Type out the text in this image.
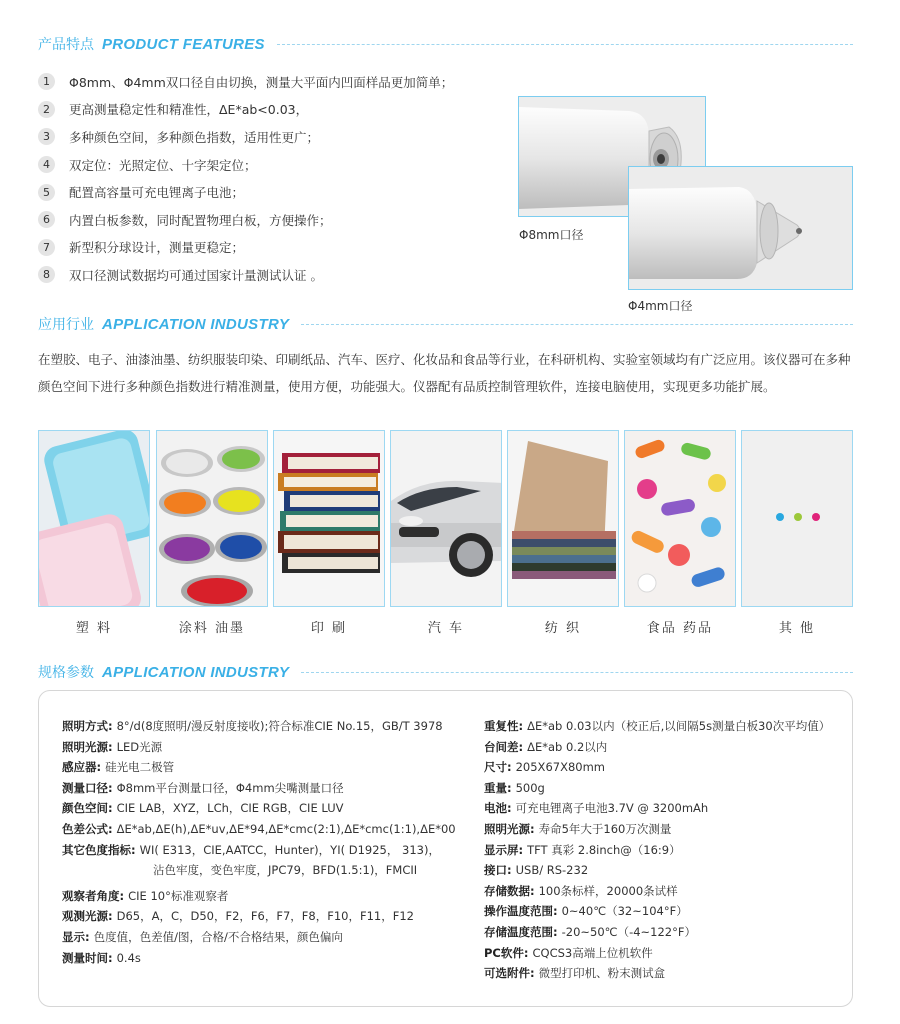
产品特点 PRODUCT FEATURES
1	Φ8mm、Φ4mm双口径自由切换，测量大平面内凹面样品更加简单；
2	更高测量稳定性和精准性，ΔE*ab<0.03，
3	多种颜色空间，多种颜色指数，适用性更广；
4	双定位：光照定位、十字架定位；
5	配置高容量可充电锂离子电池；
6	内置白板参数，同时配置物理白板，方便操作；
7	新型积分球设计，测量更稳定；
8	双口径测试数据均可通过国家计量测试认证 。
Φ8mm口径
Φ4mm口径
应用行业 APPLICATION INDUSTRY
在塑胶、电子、油漆油墨、纺织服装印染、印刷纸品、汽车、医疗、化妆品和食品等行业，在科研机构、实验室领域均有广泛应用。该仪器可在多种颜色空间下进行多种颜色指数进行精准测量，使用方便，功能强大。仪器配有品质控制管理软件，连接电脑使用，实现更多功能扩展。
塑 料	涂料 油墨	印 刷	汽 车	纺 织	食品 药品	其 他
规格参数 APPLICATION INDUSTRY
照明方式: 8°/d(8度照明/漫反射度接收);符合标准CIE No.15，GB/T 3978
照明光源: LED光源
感应器: 硅光电二极管
测量口径: Φ8mm平台测量口径，Φ4mm尖嘴测量口径
颜色空间: CIE LAB，XYZ，LCh，CIE RGB，CIE LUV
色差公式: ΔE*ab,ΔE(h),ΔE*uv,ΔE*94,ΔE*cmc(2:1),ΔE*cmc(1:1),ΔE*00
其它色度指标: WI( E313，CIE,AATCC，Hunter)，YI( D1925， 313)，
沾色牢度，变色牢度，JPC79，BFD(1.5:1)，FMCII
观察者角度: CIE 10°标准观察者
观测光源: D65，A，C，D50，F2，F6，F7，F8，F10，F11，F12
显示: 色度值，色差值/图，合格/不合格结果，颜色偏向
测量时间: 0.4s
重复性: ΔE*ab 0.03以内（校正后,以间隔5s测量白板30次平均值）
台间差: ΔE*ab 0.2以内
尺寸: 205X67X80mm
重量: 500g
电池: 可充电锂离子电池3.7V @ 3200mAh
照明光源: 寿命5年大于160万次测量
显示屏: TFT 真彩 2.8inch@（16:9）
接口: USB/ RS-232
存储数据: 100条标样，20000条试样
操作温度范围: 0~40℃（32~104°F）
存储温度范围: -20~50℃（-4~122°F）
PC软件: CQCS3高端上位机软件
可选附件: 微型打印机、粉末测试盒
